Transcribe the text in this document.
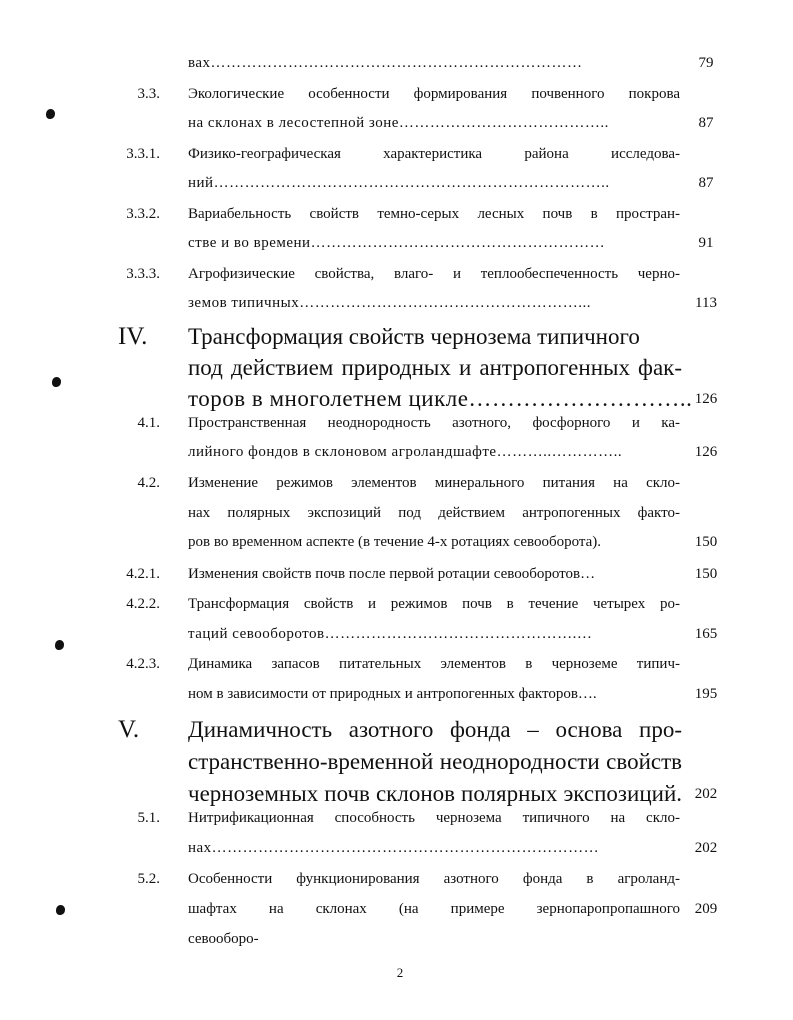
вах………………………………………………………………	79
3.3. Экологические особенности формирования почвенного покрова
на склонах в лесостепной зоне…………………………………..	87
3.3.1. Физико-географическая характеристика района исследова-
ний…………………………………………………………………..	87
3.3.2. Вариабельность свойств темно-серых лесных почв в простран-
стве и во времени…………………………………………………	91
3.3.3. Агрофизические свойства, влаго- и теплообеспеченность черно-
земов типичных………………………………………………...	113
IV.	Трансформация свойств чернозема типичного
под действием природных и антропогенных фак-
торов в многолетнем цикле……………………….. 126
4.1. Пространственная неоднородность азотного, фосфорного и ка-
лийного фондов в склоновом агроландшафте………..…………..	126
4.2. Изменение режимов элементов минерального питания на скло-
нах полярных экспозиций под действием антропогенных факто-
ров во временном аспекте (в течение 4-х ротациях севооборота).	150
4.2.1. Изменения свойств почв после первой ротации севооборотов…	150
4.2.2. Трансформация свойств и режимов почв в течение четырех ро-
таций севооборотов………………………………………….…	165
4.2.3. Динамика запасов питательных элементов в черноземе типич-
ном в зависимости от природных и антропогенных факторов….	195
V.	Динамичность азотного фонда – основа про-
странственно-временной неоднородности свойств
черноземных почв склонов полярных экспозиций. 202
5.1. Нитрификационная способность чернозема типичного на скло-
нах…………………………………………………………………	202
5.2. Особенности функционирования азотного фонда в агроланд-
шафтах на склонах (на примере зернопаропропашного 209
севооборо-
2
